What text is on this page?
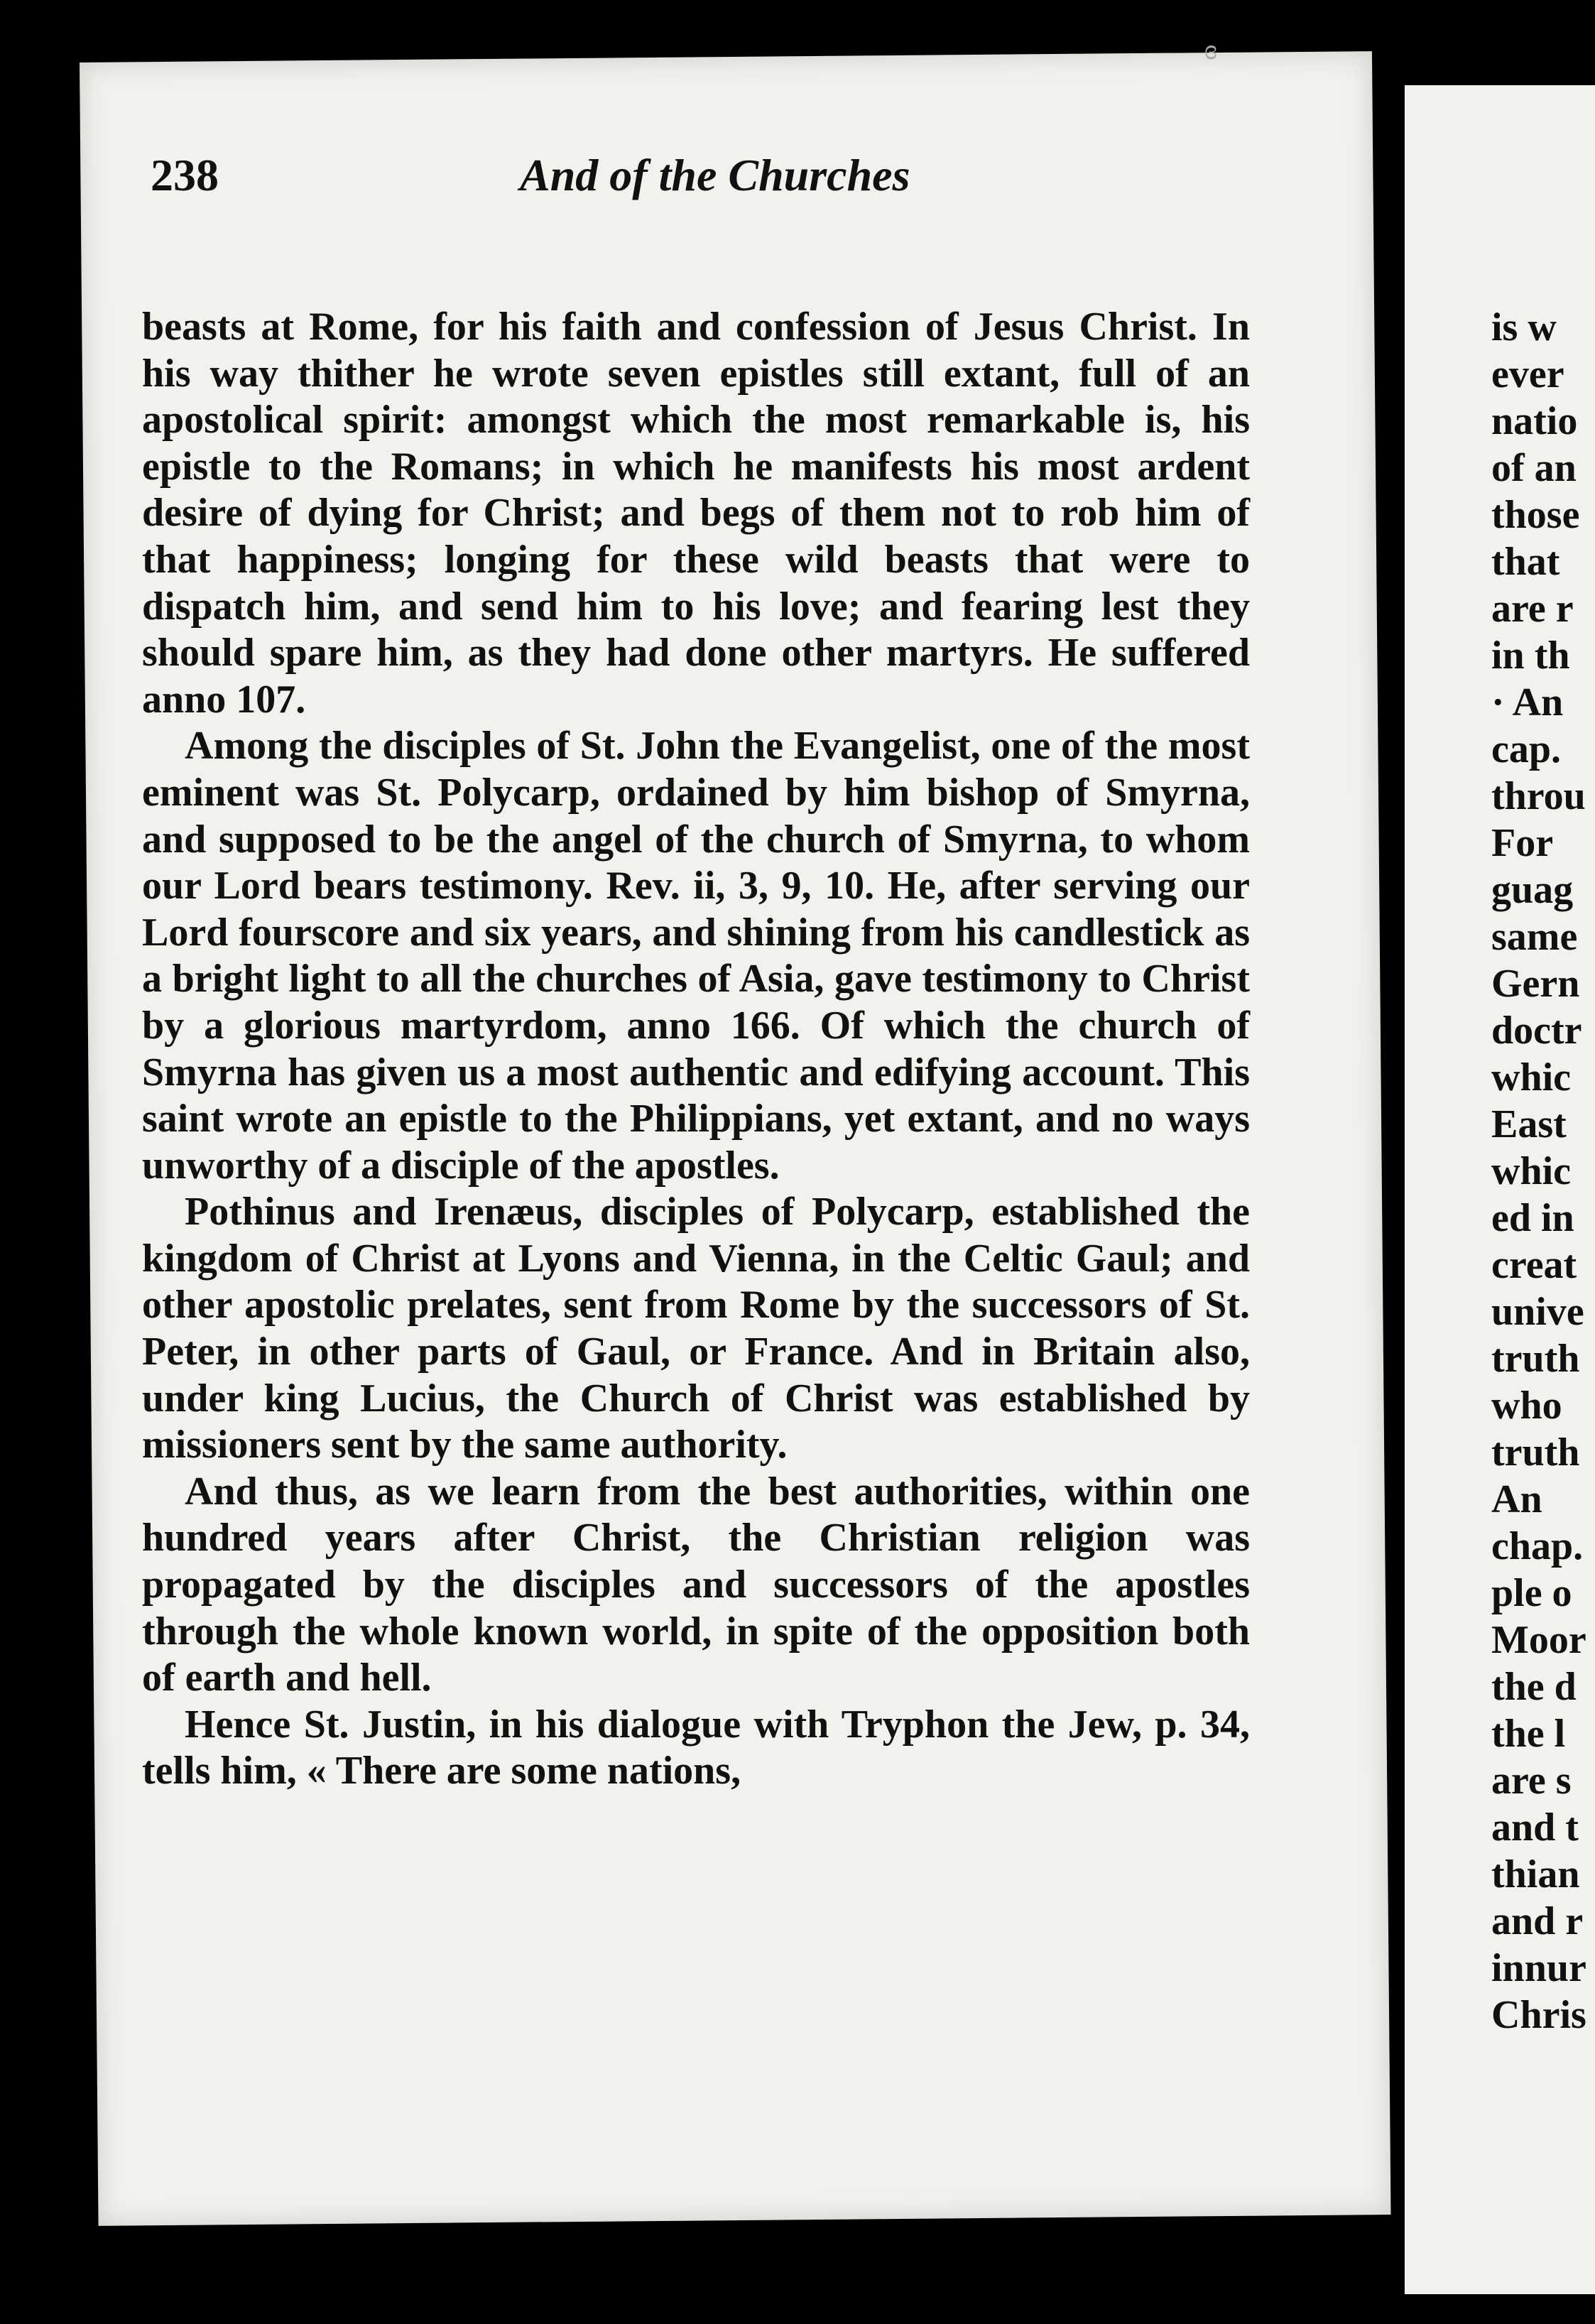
ɞ
238	And of the Churches

beasts at Rome, for his faith and confession of Jesus Christ. In his way thither he wrote seven epistles still extant, full of an apostolical spirit: amongst which the most remarkable is, his epistle to the Romans; in which he manifests his most ardent desire of dying for Christ; and begs of them not to rob him of that happiness; longing for these wild beasts that were to dispatch him, and send him to his love; and fearing lest they should spare him, as they had done other martyrs. He suffered anno 107.

Among the disciples of St. John the Evangelist, one of the most eminent was St. Polycarp, ordained by him bishop of Smyrna, and supposed to be the angel of the church of Smyrna, to whom our Lord bears testimony. Rev. ii, 3, 9, 10. He, after serving our Lord fourscore and six years, and shining from his candlestick as a bright light to all the churches of Asia, gave testimony to Christ by a glorious martyrdom, anno 166. Of which the church of Smyrna has given us a most authentic and edifying account. This saint wrote an epistle to the Philippians, yet extant, and no ways unworthy of a disciple of the apostles.

Pothinus and Irenæus, disciples of Polycarp, established the kingdom of Christ at Lyons and Vienna, in the Celtic Gaul; and other apostolic prelates, sent from Rome by the successors of St. Peter, in other parts of Gaul, or France. And in Britain also, under king Lucius, the Church of Christ was established by missioners sent by the same authority.

And thus, as we learn from the best authorities, within one hundred years after Christ, the Christian religion was propagated by the disciples and successors of the apostles through the whole known world, in spite of the opposition both of earth and hell.

Hence St. Justin, in his dialogue with Tryphon the Jew, p. 34, tells him, « There are some nations,

is w
ever
natio
of an
those
that
are r
in th
· An
cap.
throu
For
guag
same
Gern
doctr
whic
East
whic
ed in
creat
unive
truth
who
truth
An
chap.
ple o
Moor
the d
the l
are s
and t
thian
and r
innur
Chris
